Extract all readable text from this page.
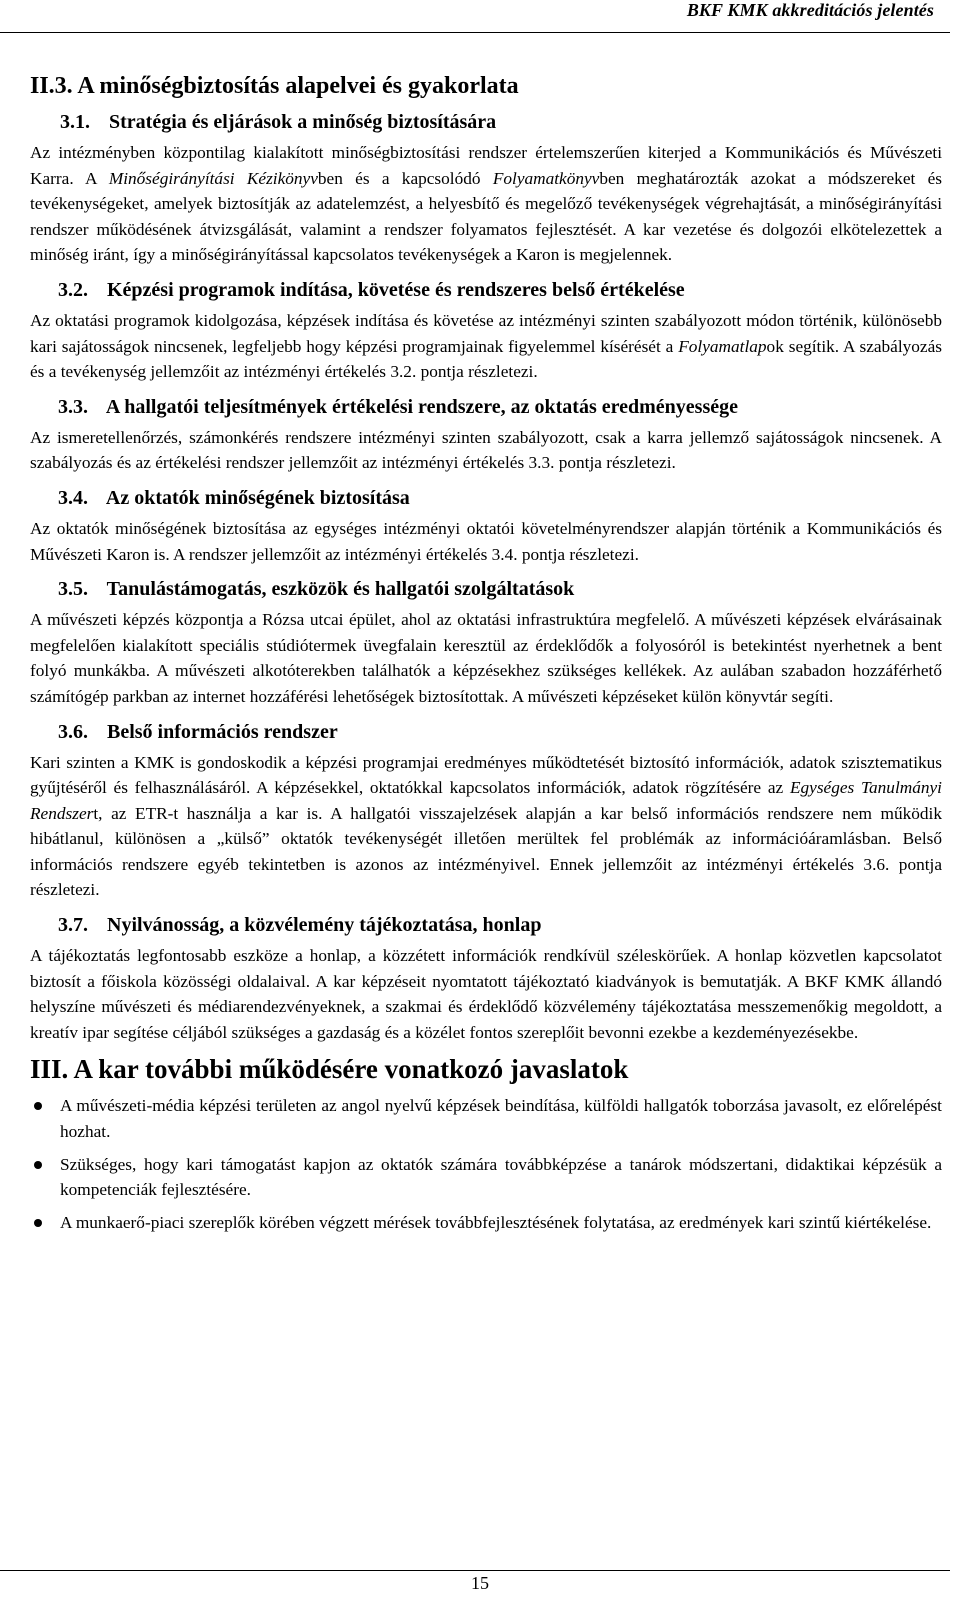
BKF KMK akkreditációs jelentés
II.3. A minőségbiztosítás alapelvei és gyakorlata
3.1. Stratégia és eljárások a minőség biztosítására

Az intézményben központilag kialakított minőségbiztosítási rendszer értelemszerűen kiterjed a Kommunikációs és Művészeti Karra. A Minőségirányítási Kézikönyvben és a kapcsolódó Folyamatkönyvben meghatározták azokat a módszereket és tevékenységeket, amelyek biztosítják az adatelemzést, a helyesbítő és megelőző tevékenységek végrehajtását, a minőségirányítási rendszer működésének átvizsgálását, valamint a rendszer folyamatos fejlesztését. A kar vezetése és dolgozói elkötelezettek a minőség iránt, így a minőségirányítással kapcsolatos tevékenységek a Karon is megjelennek.

3.2. Képzési programok indítása, követése és rendszeres belső értékelése

Az oktatási programok kidolgozása, képzések indítása és követése az intézményi szinten szabályozott módon történik, különösebb kari sajátosságok nincsenek, legfeljebb hogy képzési programjainak figyelemmel kísérését a Folyamatlapok segítik. A szabályozás és a tevékenység jellemzőit az intézményi értékelés 3.2. pontja részletezi.

3.3. A hallgatói teljesítmények értékelési rendszere, az oktatás eredményessége

Az ismeretellenőrzés, számonkérés rendszere intézményi szinten szabályozott, csak a karra jellemző sajátosságok nincsenek. A szabályozás és az értékelési rendszer jellemzőit az intézményi értékelés 3.3. pontja részletezi.

3.4. Az oktatók minőségének biztosítása

Az oktatók minőségének biztosítása az egységes intézményi oktatói követelményrendszer alapján történik a Kommunikációs és Művészeti Karon is. A rendszer jellemzőit az intézményi értékelés 3.4. pontja részletezi.

3.5. Tanulástámogatás, eszközök és hallgatói szolgáltatások

A művészeti képzés központja a Rózsa utcai épület, ahol az oktatási infrastruktúra megfelelő. A művészeti képzések elvárásainak megfelelően kialakított speciális stúdiótermek üvegfalain keresztül az érdeklődők a folyosóról is betekintést nyerhetnek a bent folyó munkákba. A művészeti alkotóterekben találhatók a képzésekhez szükséges kellékek. Az aulában szabadon hozzáférhető számítógép parkban az internet hozzáférési lehetőségek biztosítottak. A művészeti képzéseket külön könyvtár segíti.

3.6. Belső információs rendszer

Kari szinten a KMK is gondoskodik a képzési programjai eredményes működtetését biztosító információk, adatok szisztematikus gyűjtéséről és felhasználásáról. A képzésekkel, oktatókkal kapcsolatos információk, adatok rögzítésére az Egységes Tanulmányi Rendszert, az ETR-t használja a kar is. A hallgatói visszajelzések alapján a kar belső információs rendszere nem működik hibátlanul, különösen a „külső” oktatók tevékenységét illetően merültek fel problémák az információáramlásban. Belső információs rendszere egyéb tekintetben is azonos az intézményivel. Ennek jellemzőit az intézményi értékelés 3.6. pontja részletezi.

3.7. Nyilvánosság, a közvélemény tájékoztatása, honlap

A tájékoztatás legfontosabb eszköze a honlap, a közzétett információk rendkívül széleskörűek. A honlap közvetlen kapcsolatot biztosít a főiskola közösségi oldalaival. A kar képzéseit nyomtatott tájékoztató kiadványok is bemutatják. A BKF KMK állandó helyszíne művészeti és médiarendezvényeknek, a szakmai és érdeklődő közvélemény tájékoztatása messzemenőkig megoldott, a kreatív ipar segítése céljából szükséges a gazdaság és a közélet fontos szereplőit bevonni ezekbe a kezdeményezésekbe.

III. A kar további működésére vonatkozó javaslatok
A művészeti-média képzési területen az angol nyelvű képzések beindítása, külföldi hallgatók toborzása javasolt, ez előrelépést hozhat.
Szükséges, hogy kari támogatást kapjon az oktatók számára továbbképzése a tanárok módszertani, didaktikai képzésük a kompetenciák fejlesztésére.
A munkaerő-piaci szereplők körében végzett mérések továbbfejlesztésének folytatása, az eredmények kari szintű kiértékelése.
15
